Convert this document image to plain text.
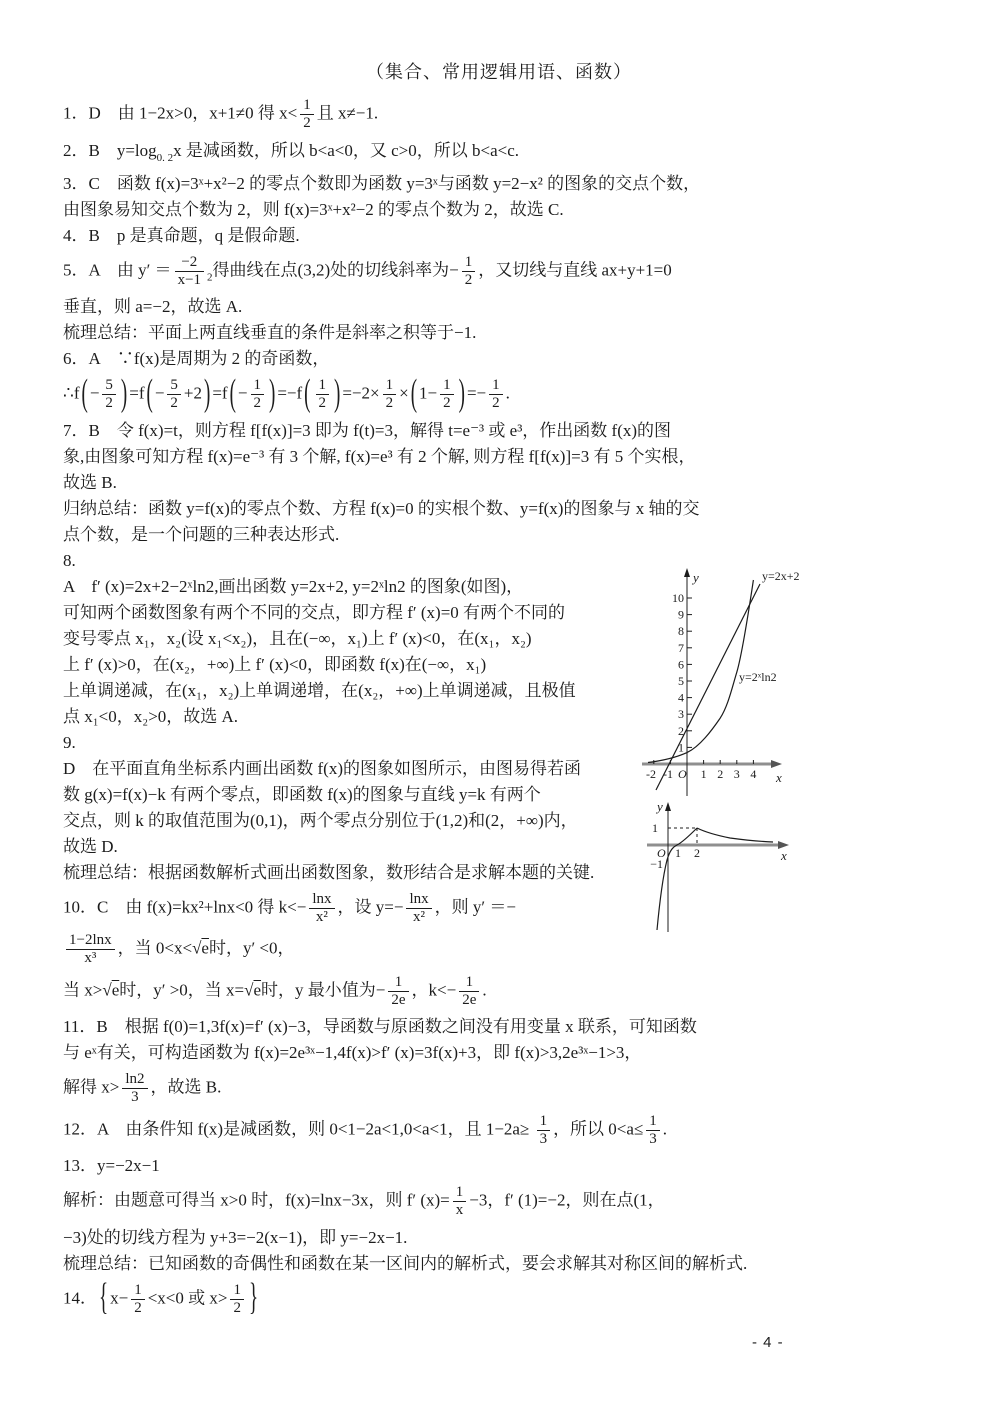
（集合、常用逻辑用语、函数）
1．D　由 1−2x>0，x+1≠0 得 $x< \frac{1}{2}$ 且 x≠−1.
2．B　$y=\log_{0. 2}x$ 是减函数，所以 b<a<0，又 c>0，所以 b<a<c.
3．C　函数 f(x)=3ˣ+x²−2 的零点个数即为函数 y=3ˣ与函数 y=2−x² 的图象的交点个数，
由图象易知交点个数为 2，则 f(x)=3ˣ+x²−2 的零点个数为 2，故选 C.
4．B　p 是真命题，q 是假命题.
5．A　由 $y' = \frac{-2}{x-1} _2$得曲线在点(3,2)处的切线斜率为− $\frac{1}{2}$ ，又切线与直线 ax+y+1=0
垂直，则 a=−2，故选 A.
梳理总结：平面上两直线垂直的条件是斜率之积等于−1.
6．A　∵f(x)是周期为 2 的奇函数，
∴f ( − $\frac{5}{2}$ ) =f ( − $\frac{5}{2} +2$ ) =f ( − $\frac{1}{2}$ ) =−f ( $\frac{1}{2}$ ) $=-2\times \frac{1}{2}$ × ( $1- \frac{1}{2}$ ) =− $\frac{1}{2}$ .
7．B　令 f(x)=t，则方程 f[f(x)]=3 即为 f(t)=3，解得 t=e⁻³ 或 e³，作出函数 f(x)的图
象,由图象可知方程 f(x)=e⁻³ 有 3 个解, f(x)=e³ 有 2 个解, 则方程 f[f(x)]=3 有 5 个实根，
故选 B.
归纳总结：函数 y=f(x)的零点个数、方程 f(x)=0 的实根个数、y=f(x)的图象与 x 轴的交
点个数，是一个问题的三种表达形式.
8.
A　f′ (x)=2x+2−2ˣln2,画出函数 y=2x+2, y=2ˣln2 的图象(如图)，
可知两个函数图象有两个不同的交点，即方程 f′ (x)=0 有两个不同的
变号零点 x₁，x₂(设 x₁<x₂)，且在(−∞，x₁)上 f′ (x)<0，在(x₁，x₂)
上 f′ (x)>0，在(x₂，+∞)上 f′ (x)<0，即函数 f(x)在(−∞，x₁)
上单调递减，在(x₁，x₂)上单调递增，在(x₂，+∞)上单调递减，且极值
点 x₁<0，x₂>0，故选 A.
9.
D　在平面直角坐标系内画出函数 f(x)的图象如图所示，由图易得若函
数 g(x)=f(x)−k 有两个零点，即函数 f(x)的图象与直线 y=k 有两个
交点，则 k 的取值范围为(0,1)，两个零点分别位于(1,2)和(2，+∞)内，
故选 D.
梳理总结：根据函数解析式画出函数图象，数形结合是求解本题的关键.
y
x
O
y=2x+2
y=2ˣln2
10
9
8
7
6
5
4
3
2
1
-2 -1 1 2 3 4
y
x
O
1
−1
1 2
10．C　由 f(x)=kx²+lnx<0 得 $k<- \frac{\ln x}{\text{x²}}$ ，设 $y=- \frac{\ln x}{\text{x²}}$ ，则 y′ ＝−
$\frac{1-2\ln x}{\text{x³}}$ ，当 0<x<√e时，y′ <0，
当 x>√e时，y′ >0，当 x=√e时，y 最小值为− $\frac{1}{2e}$ ，$k<- \frac{1}{2e}$ .
11．B　根据 f(0)=1,3f(x)=f′ (x)−3，导函数与原函数之间没有用变量 x 联系，可知函数
与 eˣ有关，可构造函数为 f(x)=2e³ˣ−1,4f(x)>f′ (x)=3f(x)+3，即 f(x)>3,2e³ˣ−1>3，
解得 $x> \frac{\ln 2}{3}$ ，故选 B.
12．A　由条件知 f(x)是减函数，则 0<1−2a<1,0<a<1，且 $1-2a\ge \frac{1}{3}$ ，所以 $0<a\le \frac{1}{3}$ .
13．y=−2x−1
解析：由题意可得当 x>0 时，f(x)=lnx−3x，则 f′ $(x)= \frac{1}{x} -3$，f′ (1)=−2，则在点(1，
−3)处的切线方程为 y+3=−2(x−1)，即 y=−2x−1.
梳理总结：已知函数的奇偶性和函数在某一区间内的解析式，要会求解其对称区间的解析式.
14． { $x- \frac{1}{2} <x<0$ 或 $x> \frac{1}{2}$ }
- 4 -
